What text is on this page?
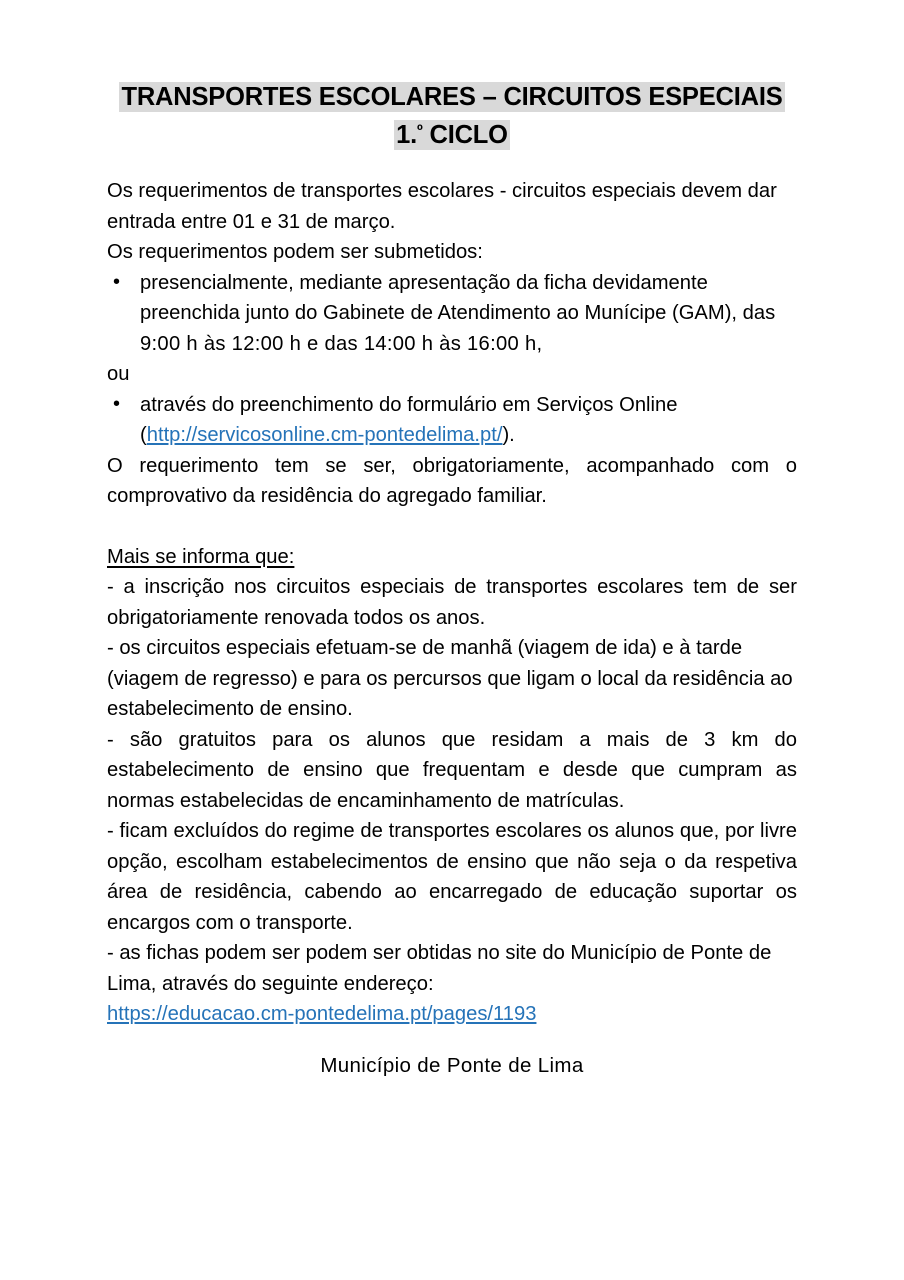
TRANSPORTES ESCOLARES – CIRCUITOS ESPECIAIS
1.$^º$ CICLO

Os requerimentos de transportes escolares - circuitos especiais devem dar entrada entre 01 e 31 de março.

Os requerimentos podem ser submetidos:

• presencialmente, mediante apresentação da ficha devidamente
preenchida junto do Gabinete de Atendimento ao Munícipe (GAM), das
9:00 h às 12:00 h e das 14:00 h às 16:00 h,

ou

• através do preenchimento do formulário em Serviços Online
(http://servicosonline.cm-pontedelima.pt/).

O requerimento tem se ser, obrigatoriamente, acompanhado com o comprovativo da residência do agregado familiar.

Mais se informa que:

- a inscrição nos circuitos especiais de transportes escolares tem de ser obrigatoriamente renovada todos os anos.

- os circuitos especiais efetuam-se de manhã (viagem de ida) e à tarde (viagem de regresso) e para os percursos que ligam o local da residência ao estabelecimento de ensino.

- são gratuitos para os alunos que residam a mais de 3 km do estabelecimento de ensino que frequentam e desde que cumpram as normas estabelecidas de encaminhamento de matrículas.

- ficam excluídos do regime de transportes escolares os alunos que, por livre opção, escolham estabelecimentos de ensino que não seja o da respetiva área de residência, cabendo ao encarregado de educação suportar os encargos com o transporte.

- as fichas podem ser podem ser obtidas no site do Município de Ponte de Lima, através do seguinte endereço:

https://educacao.cm-pontedelima.pt/pages/1193

Município de Ponte de Lima
